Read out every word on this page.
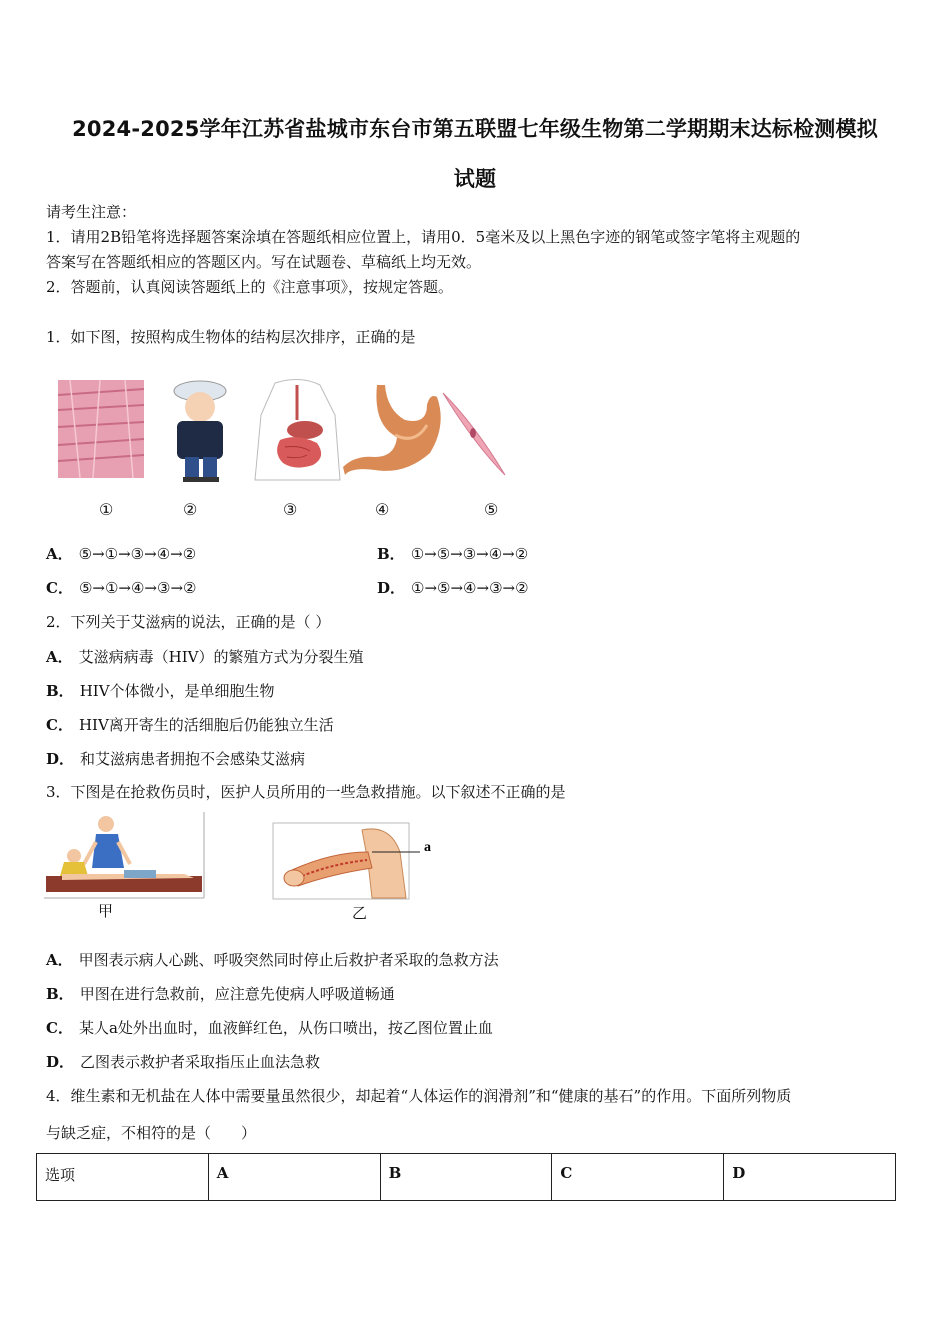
2024-2025学年江苏省盐城市东台市第五联盟七年级生物第二学期期末达标检测模拟
试题
请考生注意：
1．请用2B铅笔将选择题答案涂填在答题纸相应位置上，请用0．5毫米及以上黑色字迹的钢笔或签字笔将主观题的
答案写在答题纸相应的答题区内。写在试题卷、草稿纸上均无效。
2．答题前，认真阅读答题纸上的《注意事项》，按规定答题。
1．如下图，按照构成生物体的结构层次排序，正确的是
①	②	③	④	⑤
A． ⑤→①→③→④→②	B． ①→⑤→③→④→②
C． ⑤→①→④→③→②	D． ①→⑤→④→③→②
2．下列关于艾滋病的说法，正确的是（ ）
A． 艾滋病病毒（HIV）的繁殖方式为分裂生殖
B． HIV个体微小，是单细胞生物
C． HIV离开寄生的活细胞后仍能独立生活
D． 和艾滋病患者拥抱不会感染艾滋病
3．下图是在抢救伤员时，医护人员所用的一些急救措施。以下叙述不正确的是
甲
a
乙
A． 甲图表示病人心跳、呼吸突然同时停止后救护者采取的急救方法
B． 甲图在进行急救前，应注意先使病人呼吸道畅通
C． 某人a处外出血时，血液鲜红色，从伤口喷出，按乙图位置止血
D． 乙图表示救护者采取指压止血法急救
4．维生素和无机盐在人体中需要量虽然很少，却起着“人体运作的润滑剂”和“健康的基石”的作用。下面所列物质
与缺乏症，不相符的是（　　）
选项	A	B	C	D
